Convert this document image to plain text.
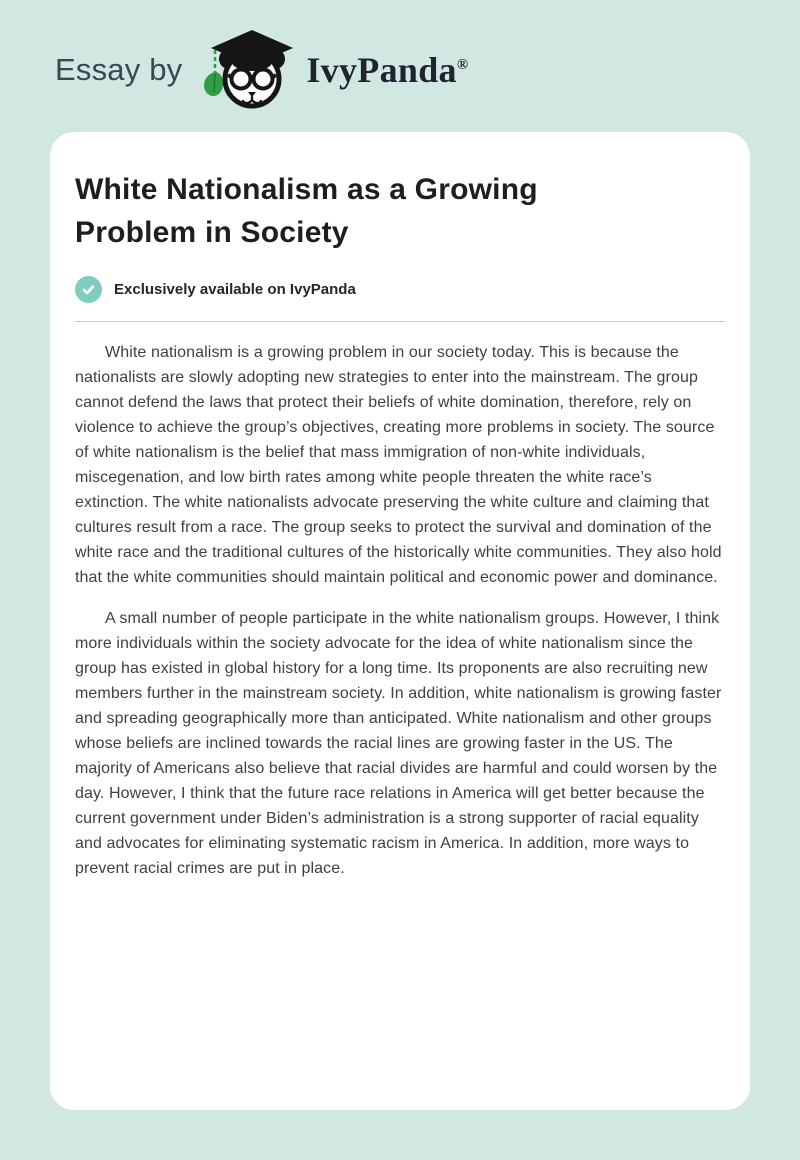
Essay by	IvyPanda®
White Nationalism as a Growing Problem in Society
Exclusively available on IvyPanda

White nationalism is a growing problem in our society today. This is because the nationalists are slowly adopting new strategies to enter into the mainstream. The group cannot defend the laws that protect their beliefs of white domination, therefore, rely on violence to achieve the group’s objectives, creating more problems in society. The source of white nationalism is the belief that mass immigration of non-white individuals, miscegenation, and low birth rates among white people threaten the white race’s extinction. The white nationalists advocate preserving the white culture and claiming that cultures result from a race. The group seeks to protect the survival and domination of the white race and the traditional cultures of the historically white communities. They also hold that the white communities should maintain political and economic power and dominance.

A small number of people participate in the white nationalism groups. However, I think more individuals within the society advocate for the idea of white nationalism since the group has existed in global history for a long time. Its proponents are also recruiting new members further in the mainstream society. In addition, white nationalism is growing faster and spreading geographically more than anticipated. White nationalism and other groups whose beliefs are inclined towards the racial lines are growing faster in the US. The majority of Americans also believe that racial divides are harmful and could worsen by the day. However, I think that the future race relations in America will get better because the current government under Biden’s administration is a strong supporter of racial equality and advocates for eliminating systematic racism in America. In addition, more ways to prevent racial crimes are put in place.
